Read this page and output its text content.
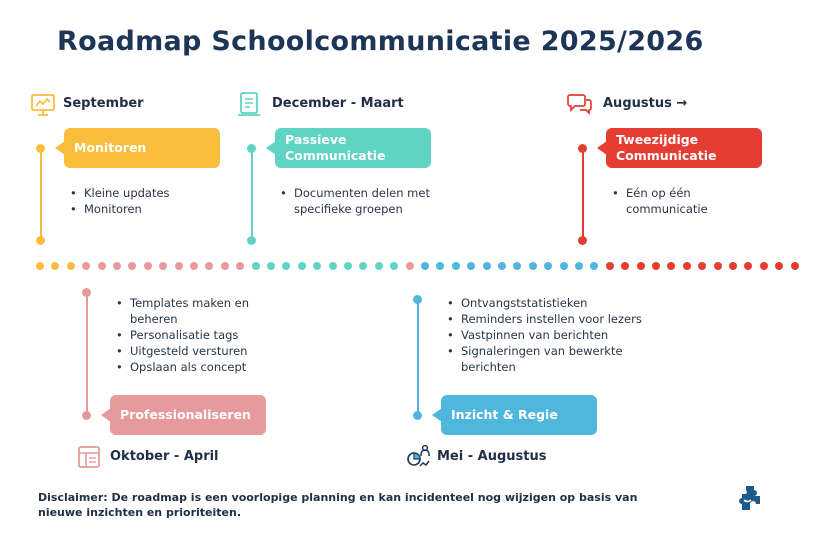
Roadmap Schoolcommunicatie 2025/2026
September
Monitoren
• Kleine updates
• Monitoren
December - Maart
Passieve Communicatie
• Documenten delen met specifieke groepen
Augustus →
Tweezijdige Communicatie
• Eén op één communicatie
• Templates maken en beheren
• Personalisatie tags
• Uitgesteld versturen
• Opslaan als concept
Professionaliseren
Oktober - April
• Ontvangststatistieken
• Reminders instellen voor lezers
• Vastpinnen van berichten
• Signaleringen van bewerkte berichten
Inzicht & Regie
Mei - Augustus
Disclaimer: De roadmap is een voorlopige planning en kan incidenteel nog wijzigen op basis van nieuwe inzichten en prioriteiten.
